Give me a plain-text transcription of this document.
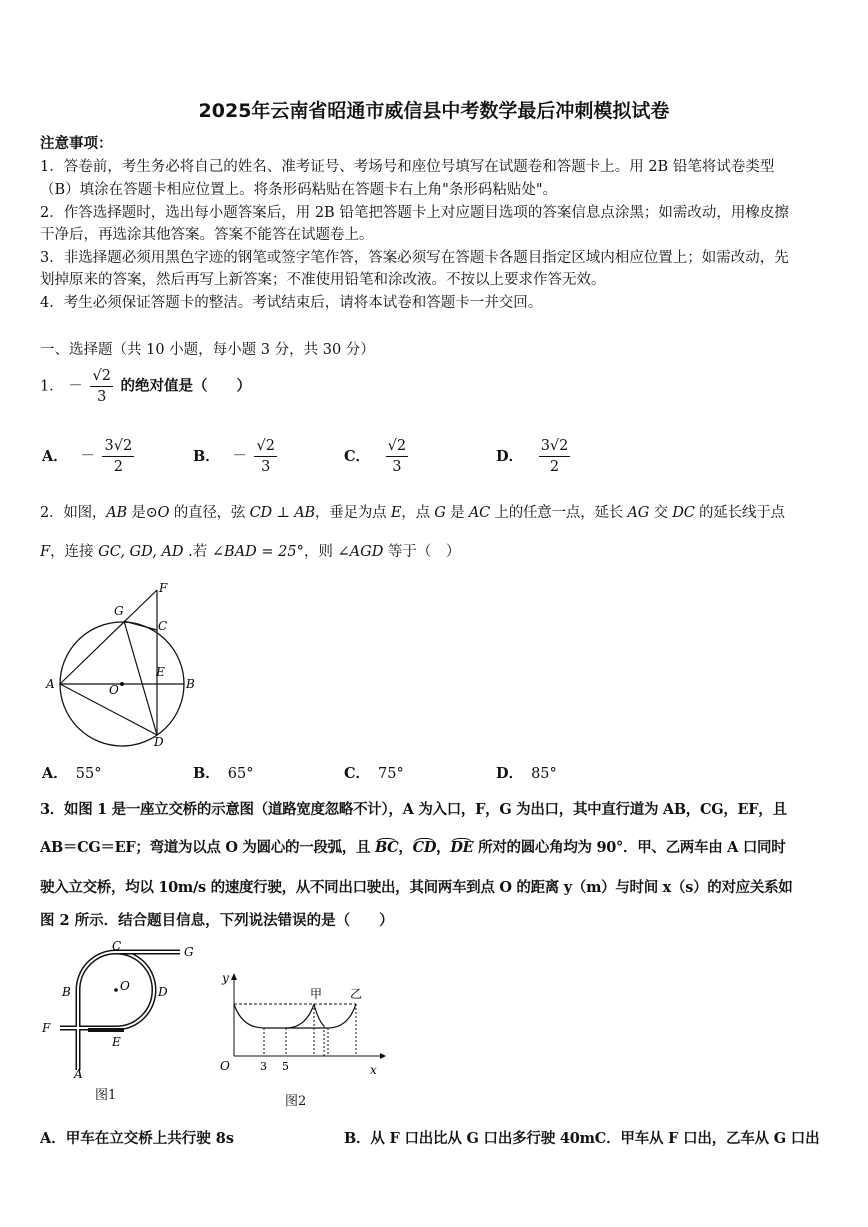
2025年云南省昭通市威信县中考数学最后冲刺模拟试卷
注意事项：
1．答卷前，考生务必将自己的姓名、准考证号、考场号和座位号填写在试题卷和答题卡上。用 2B 铅笔将试卷类型
（B）填涂在答题卡相应位置上。将条形码粘贴在答题卡右上角"条形码粘贴处"。
2．作答选择题时，选出每小题答案后，用 2B 铅笔把答题卡上对应题目选项的答案信息点涂黑；如需改动，用橡皮擦
干净后，再选涂其他答案。答案不能答在试题卷上。
3．非选择题必须用黑色字迹的钢笔或签字笔作答，答案必须写在答题卡各题目指定区域内相应位置上；如需改动，先
划掉原来的答案，然后再写上新答案；不准使用铅笔和涂改液。不按以上要求作答无效。
4．考生必须保证答题卡的整洁。考试结束后，请将本试卷和答题卡一并交回。
一、选择题（共 10 小题，每小题 3 分，共 30 分）
1． － $\frac{√2}{3}$ 的绝对值是（　　）
A． － $\frac{3√2}{2}$	B． － $\frac{√2}{3}$	C． $\frac{√2}{3}$	D． $\frac{3√2}{2}$
2．如图，AB 是⊙O 的直径，弦 CD ⊥ AB，垂足为点 E，点 G 是 AC 上的任意一点，延长 AG 交 DC 的延长线于点
F，连接 GC, GD, AD .若 ∠BAD = 25°，则 ∠AGD 等于（　）
A	B
C
D
E
F
G
O
A． 55°	B． 65°	C． 75°	D． 85°
3．如图 1 是一座立交桥的示意图（道路宽度忽略不计），A 为入口，F，G 为出口，其中直行道为 AB，CG，EF，且
AB＝CG＝EF；弯道为以点 O 为圆心的一段弧，且 BC，CD，DE 所对的圆心角均为 90°．甲、乙两车由 A 口同时
驶入立交桥，均以 10m/s 的速度行驶，从不同出口驶出，其间两车到点 O 的距离 y（m）与时间 x（s）的对应关系如
图 2 所示．结合题目信息，下列说法错误的是（　　）
C	G
B	O D
F
E
A
图1
y
x
O	3 5
甲 乙
图2
A．甲车在立交桥上共行驶 8s	B．从 F 口出比从 G 口出多行驶 40mC．甲车从 F 口出，乙车从 G 口出
